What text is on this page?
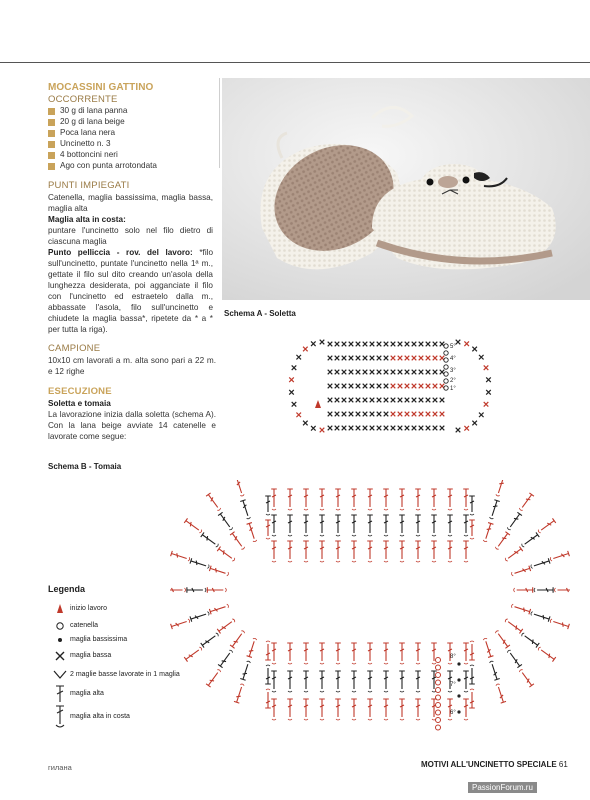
MOCASSINI GATTINO
OCCORRENTE
30 g di lana panna
20 g di lana beige
Poca lana nera
Uncinetto n. 3
4 bottoncini neri
Ago con punta arrotondata
PUNTI IMPIEGATI
Catenella, maglia bassissima, maglia bassa, maglia alta
Maglia alta in costa:
puntare l'uncinetto solo nel filo dietro di ciascuna maglia
Punto pelliccia - rov. del lavoro: *filo sull'uncinetto, puntate l'uncinetto nella 1ª m., gettate il filo sul dito creando un'asola della lunghezza desiderata, poi agganciate il filo con l'uncinetto ed estraetelo dalla m., abbassate l'asola, filo sull'uncinetto e chiudete la maglia bassa*, ripetete da * a * per tutta la riga).
CAMPIONE
10x10 cm lavorati a m. alta sono pari a 22 m. e 12 righe
ESECUZIONE
Soletta e tomaia
La lavorazione inizia dalla soletta (schema A). Con la lana beige avviate 14 catenelle e lavorate come segue:
Schema A - Soletta
5°
4°
3°
2°
1°
Schema B - Tomaia
8°
7°
6°
Legenda
inizio lavoro
catenella
maglia bassissima
maglia bassa
2 maglie basse lavorate in 1 maglia
maglia alta
maglia alta in costa
гилана	MOTIVI ALL'UNCINETTO SPECIALE 61
PassionForum.ru
